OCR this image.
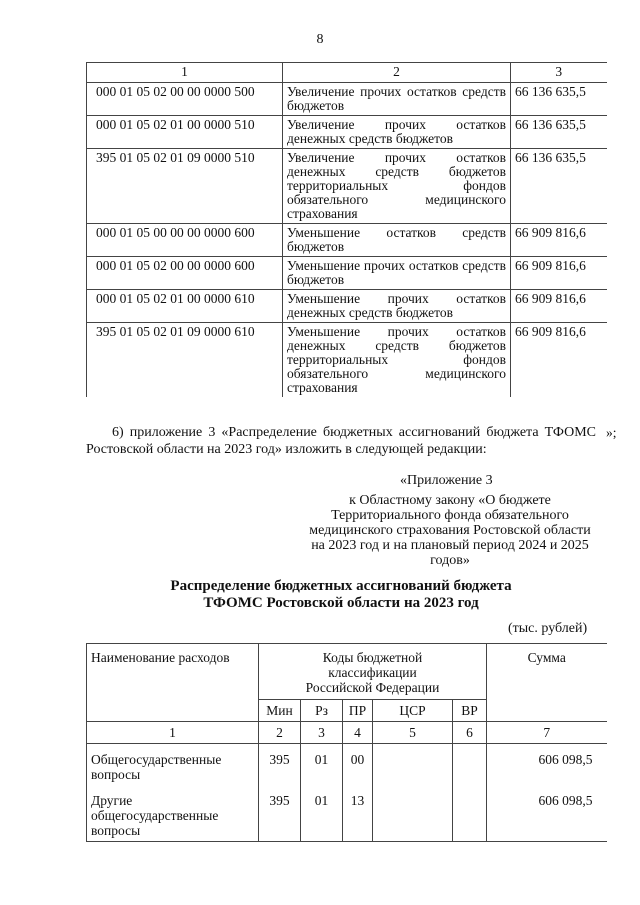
8
1	2	3
000 01 05 02 00 00 0000 500	Увеличение прочих остатков средств бюджетов	66 136 635,5
000 01 05 02 01 00 0000 510	Увеличение прочих остатков денежных средств бюджетов	66 136 635,5
395 01 05 02 01 09 0000 510	Увеличение прочих остатков денежных средств бюджетов территориальных фондов обязательного медицинского страхования	66 136 635,5
000 01 05 00 00 00 0000 600	Уменьшение остатков средств бюджетов	66 909 816,6
000 01 05 02 00 00 0000 600	Уменьшение прочих остатков средств бюджетов	66 909 816,6
000 01 05 02 01 00 0000 610	Уменьшение прочих остатков денежных средств бюджетов	66 909 816,6
395 01 05 02 01 09 0000 610	Уменьшение прочих остатков денежных средств бюджетов территориальных фондов обязательного медицинского страхования	66 909 816,6
»;
6) приложение 3 «Распределение бюджетных ассигнований бюджета ТФОМС Ростовской области на 2023 год» изложить в следующей редакции:
«Приложение 3
к Областному закону «О бюджете Территориального фонда обязательного медицинского страхования Ростовской области на 2023 год и на плановый период 2024 и 2025 годов»
Распределение бюджетных ассигнований бюджета
ТФОМС Ростовской области на 2023 год
(тыс. рублей)
Наименование расходов	Коды бюджетной классификации Российской Федерации					Сумма
	Мин	Рз	ПР	ЦСР	ВР	
1	2	3	4	5	6	7
Общегосударственные вопросы	395	01	00			606 098,5
Другие общегосударственные вопросы	395	01	13			606 098,5
